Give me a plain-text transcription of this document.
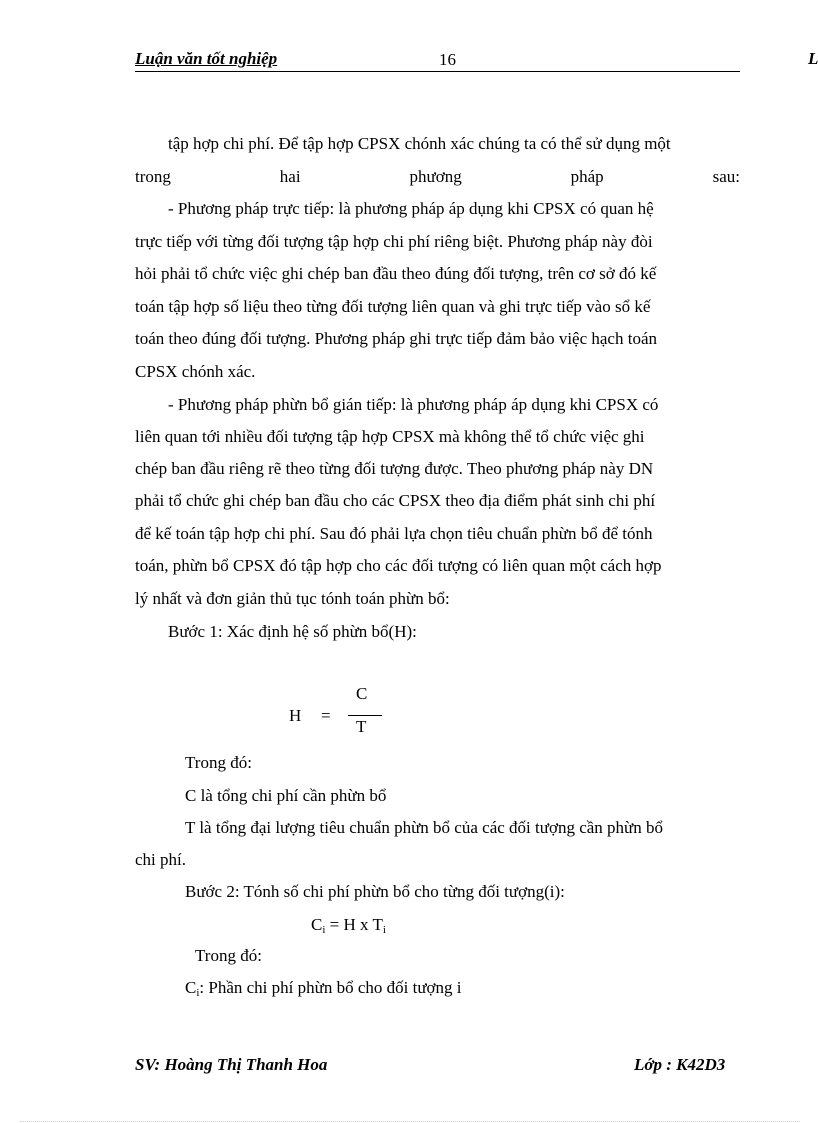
Luận văn tốt nghiệp	16	L
tập hợp chi phí. Để tập hợp CPSX chónh xác chúng ta có thể sử dụng một
trong hai phương pháp sau:
- Phương pháp trực tiếp: là phương pháp áp dụng khi CPSX có quan hệ
trực tiếp với từng đối tượng tập hợp chi phí riêng biệt. Phương pháp này đòi
hỏi phải tổ chức việc ghi chép ban đầu theo đúng đối tượng, trên cơ sở đó kế
toán tập hợp số liệu theo từng đối tượng liên quan và ghi trực tiếp vào sổ kế
toán theo đúng đối tượng. Phương pháp ghi trực tiếp đảm bảo việc hạch toán
CPSX chónh xác.
- Phương pháp phừn bổ gián tiếp: là phương pháp áp dụng khi CPSX có
liên quan tới nhiều đối tượng tập hợp CPSX mà không thể tổ chức việc ghi
chép ban đầu riêng rẽ theo từng đối tượng được. Theo phương pháp này DN
phải tổ chức ghi chép ban đầu cho các CPSX theo địa điểm phát sinh chi phí
để kế toán tập hợp chi phí. Sau đó phải lựa chọn tiêu chuẩn phừn bổ để tónh
toán, phừn bổ CPSX đó tập hợp cho các đối tượng có liên quan một cách hợp
lý nhất và đơn giản thủ tục tónh toán phừn bổ:
Bước 1: Xác định hệ số phừn bổ(H):
H =
C
T
Trong đó:
C là tổng chi phí cần phừn bổ
T là tổng đại lượng tiêu chuẩn phừn bổ của các đối tượng cần phừn bổ
chi phí.
Bước 2: Tónh số chi phí phừn bổ cho từng đối tượng(i):
$C_i = H$ x $T_i$
Trong đó:
$C_i$: Phần chi phí phừn bổ cho đối tượng i
SV: Hoàng Thị Thanh Hoa	Lớp : K42D3
